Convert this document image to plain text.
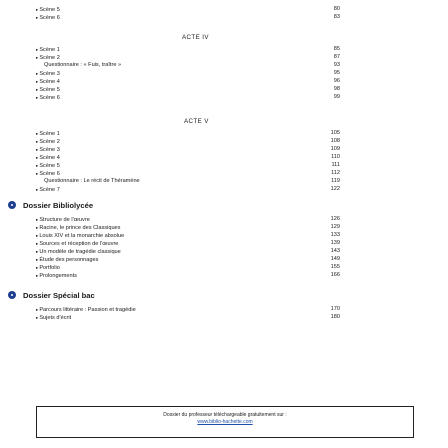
▸Scène 5	80
▸Scène 6	83
ACTE IV
▸Scène 1	85
▸Scène 2	87
Questionnaire : « Fuis, traître »	93
▸Scène 3	95
▸Scène 4	96
▸Scène 5	98
▸Scène 6	99
ACTE V
▸Scène 1	105
▸Scène 2	108
▸Scène 3	109
▸Scène 4	110
▸Scène 5	111
▸Scène 6	112
Questionnaire : Le récit de Théramène	119
▸Scène 7	122
Dossier Bibliolycée
▸Structure de l'œuvre	126
▸Racine, le prince des Classiques	129
▸Louis XIV et la monarchie absolue	133
▸Sources et réception de l'œuvre	139
▸Un modèle de tragédie classique	143
▸Étude des personnages	149
▸Portfolio	155
▸Prolongements	166
Dossier Spécial bac
▸Parcours littéraire : Passion et tragédie	170
▸Sujets d'écrit	180
Dossier du professeur téléchargeable gratuitement sur :
www.biblio-hachette.com
